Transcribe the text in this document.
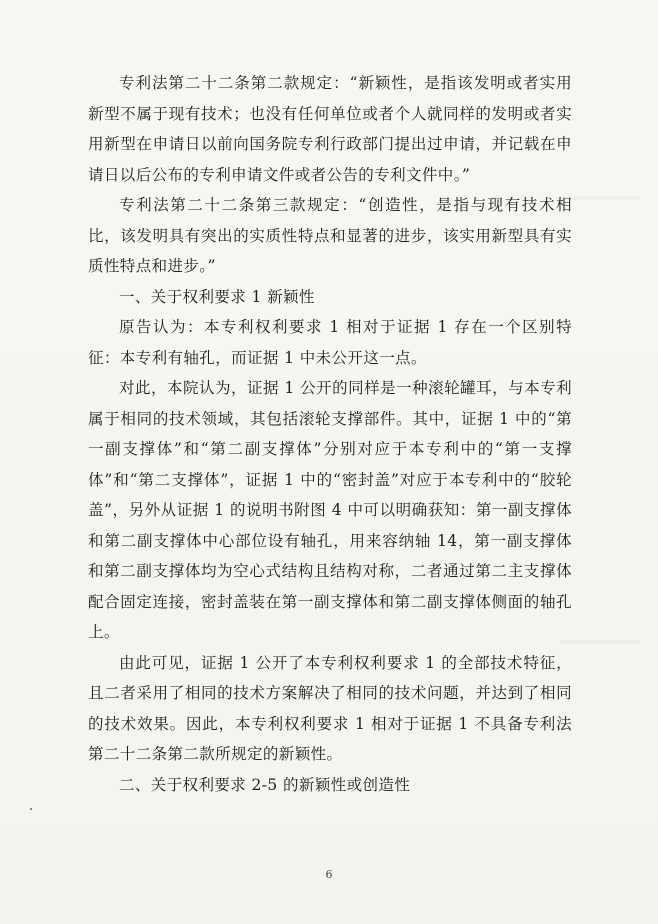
专利法第二十二条第二款规定：“新颖性，是指该发明或者实用新型不属于现有技术；也没有任何单位或者个人就同样的发明或者实用新型在申请日以前向国务院专利行政部门提出过申请，并记载在申请日以后公布的专利申请文件或者公告的专利文件中。”

专利法第二十二条第三款规定：“创造性，是指与现有技术相比，该发明具有突出的实质性特点和显著的进步，该实用新型具有实质性特点和进步。”

一、关于权利要求 1 新颖性

原告认为：本专利权利要求 1 相对于证据 1 存在一个区别特征：本专利有轴孔，而证据 1 中未公开这一点。

对此，本院认为，证据 1 公开的同样是一种滚轮罐耳，与本专利属于相同的技术领域，其包括滚轮支撑部件。其中，证据 1 中的“第一副支撑体”和“第二副支撑体”分别对应于本专利中的“第一支撑体”和“第二支撑体”，证据 1 中的“密封盖”对应于本专利中的“胶轮盖”，另外从证据 1 的说明书附图 4 中可以明确获知：第一副支撑体和第二副支撑体中心部位设有轴孔，用来容纳轴 14，第一副支撑体和第二副支撑体均为空心式结构且结构对称，二者通过第二主支撑体配合固定连接，密封盖装在第一副支撑体和第二副支撑体侧面的轴孔上。

由此可见，证据 1 公开了本专利权利要求 1 的全部技术特征，且二者采用了相同的技术方案解决了相同的技术问题，并达到了相同的技术效果。因此，本专利权利要求 1 相对于证据 1 不具备专利法第二十二条第二款所规定的新颖性。

二、关于权利要求 2-5 的新颖性或创造性

6
